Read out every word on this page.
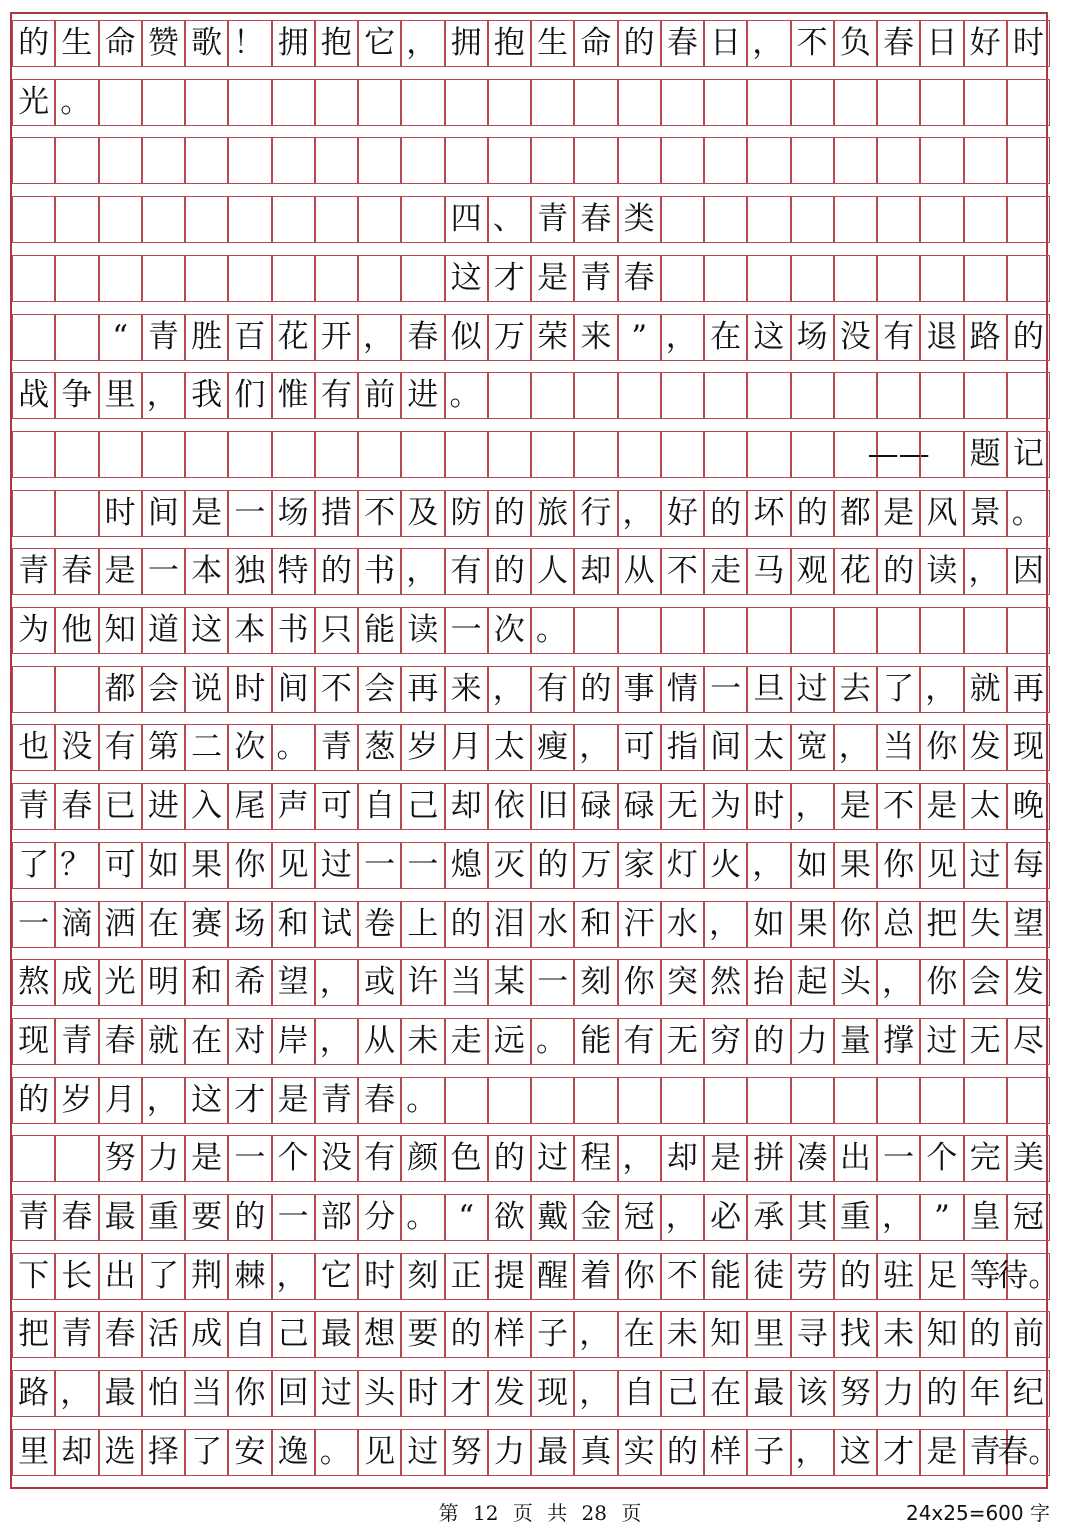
的 生 命 赞 歌 ！ 拥 抱 它 ， 拥 抱 生 命 的 春 日 ， 不 负 春 日 好 时
光 。
四 、 青 春 类
这 才 是 青 春
“ 青 胜 百 花 开 ， 春 似 万 荣 来 ” ， 在 这 场 没 有 退 路 的
战 争 里 ， 我 们 惟 有 前 进 。
—— 题 记
时 间 是 一 场 措 不 及 防 的 旅 行 ， 好 的 坏 的 都 是 风 景 。
青 春 是 一 本 独 特 的 书 ， 有 的 人 却 从 不 走 马 观 花 的 读 ， 因
为 他 知 道 这 本 书 只 能 读 一 次 。
都 会 说 时 间 不 会 再 来 ， 有 的 事 情 一 旦 过 去 了 ， 就 再
也 没 有 第 二 次 。 青 葱 岁 月 太 瘦 ， 可 指 间 太 宽 ， 当 你 发 现
青 春 已 进 入 尾 声 可 自 己 却 依 旧 碌 碌 无 为 时 ， 是 不 是 太 晚
了 ？ 可 如 果 你 见 过 一 一 熄 灭 的 万 家 灯 火 ， 如 果 你 见 过 每
一 滴 洒 在 赛 场 和 试 卷 上 的 泪 水 和 汗 水 ， 如 果 你 总 把 失 望
熬 成 光 明 和 希 望 ， 或 许 当 某 一 刻 你 突 然 抬 起 头 ， 你 会 发
现 青 春 就 在 对 岸 ， 从 未 走 远 。 能 有 无 穷 的 力 量 撑 过 无 尽
的 岁 月 ， 这 才 是 青 春 。
努 力 是 一 个 没 有 颜 色 的 过 程 ， 却 是 拼 凑 出 一 个 完 美
青 春 最 重 要 的 一 部 分 。 “ 欲 戴 金 冠 ， 必 承 其 重 ， ” 皇 冠
下 长 出 了 荆 棘 ， 它 时 刻 正 提 醒 着 你 不 能 徒 劳 的 驻 足 等
待。
把 青 春 活 成 自 己 最 想 要 的 样 子 ， 在 未 知 里 寻 找 未 知 的 前
路 ， 最 怕 当 你 回 过 头 时 才 发 现 ， 自 己 在 最 该 努 力 的 年 纪
里 却 选 择 了 安 逸 。 见 过 努 力 最 真 实 的 样 子 ， 这 才 是 青
春。
第 12 页 共 28 页	24x25=600 字
